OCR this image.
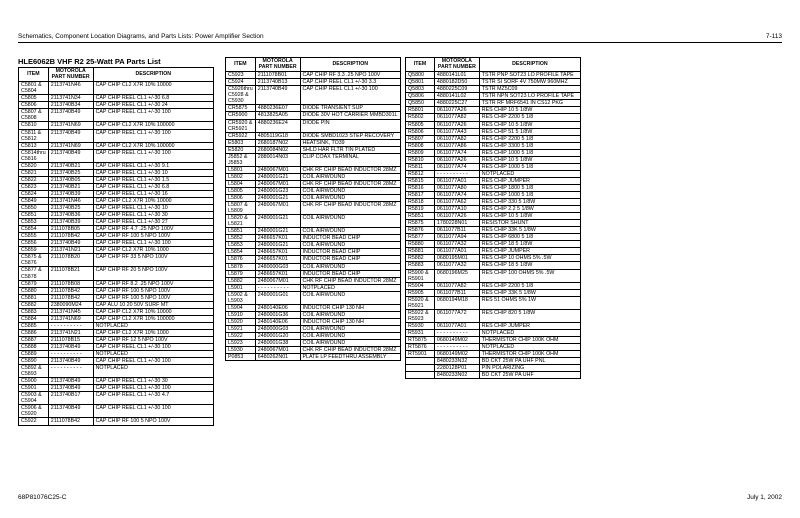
Schematics, Component Location Diagrams, and Parts Lists: Power Amplifier Section	7-113
HLE6062B VHF R2 25-Watt PA Parts List
ITEM	MOTOROLA PART NUMBER	DESCRIPTION
C5801 & C5804	2113741N46	CAP CHIP CL2 X7R 10% 10000
C5805	2113741N34	CAP CHIP REEL CL1 +/-30 6.8
C5806	2113740B34	CAP CHIP REEL CL1 +/-30 24
C5807 & C5808	2113740B49	CAP CHIP REEL CL1 +/-30 100
C5810	2113741N69	CAP CHIP CL2 X7R 10% 100000
C5811 & C5812	2113740B49	CAP CHIP REEL CL1 +/-30 100
C5813	2113741N69	CAP CHIP CL2 X7R 10% 100000
C5814thru C5816	2113740B49	CAP CHIP REEL CL1 +/-30 100
C5820	2113740B21	CAP CHIP REEL CL1 +/-30 9.1
C5821	2113740B25	CAP CHIP REEL CL1 +/-30 10
C5822	2113740B05	CAP CHIP REEL CL1 +/-30 1.5
C5823	2113740B21	CAP CHIP REEL CL1 +/-30 6.8
C5824	2113740B39	CAP CHIP REEL CL1 +/-30 16
C5849	2113741N46	CAP CHIP CL2 X7R 10% 10000
C5850	2113740B25	CAP CHIP REEL CL1 +/-30 10
C5851	2113740B36	CAP CHIP REEL CL1 +/-30 30
C5853	2113740B39	CAP CHIP REEL CL1 +/-30 27
C5854	2111078B05	CAP CHIP RF 4.7 .25 NPO 100V
C5855	2111078B42	CAP CHIP RF 100 5 NPO 100V
C5856	2113740B49	CAP CHIP REEL CL1 +/-30 100
C5859	2113741N21	CAP CHIP CL2 X7R 10% 1000
C5875 & C5876	2111078B20	CAP CHIP RF 33 5 NPO 100V
C5877 & C5878	2111078B21	CAP CHIP RF 20 5 NPO 100V
C5879	2111078B08	CAP CHIP RF 8.2 .25 NPO 100V
C5880	2111078B42	CAP CHIP RF 100 5 NPO 100V
C5881	2111078B42	CAP CHIP RF 100 5 NPO 100V
C5882	2380090M24	CAP ALU 10 20 50V SURF MT
C5883	2113741N45	CAP CHIP CL2 X7R 10% 10000
C5884	2113741N69	CAP CHIP CL2 X7R 10% 100000
C5885	- - - - - - - - - -	NOTPLACED
C5886	2113741N21	CAP CHIP CL2 X7R 10% 1000
C5887	2111078B15	CAP CHIP RF 12 5 NPO 100V
C5888	2113740B49	CAP CHIP REEL CL1 +/-30 100
C5889	- - - - - - - - - -	NOTPLACED
C5890	2113740B49	CAP CHIP REEL CL1 +/-30 100
C5892 & C5893	- - - - - - - - - -	NOTPLACED
C5900	2113740B49	CAP CHIP REEL CL1 +/-30 30
C5901	2113740B49	CAP CHIP REEL CL1 +/-30 100
C5903 & C5904	2113740B17	CAP CHIP REEL CL1 +/-30 4.7
C5906 & C5920	2113740B49	CAP CHIP REEL CL1 +/-30 100
C5922	2111078B42	CAP CHIP RF 100 5 NPO 100V
ITEM	MOTOROLA PART NUMBER	DESCRIPTION
C5923	2111078B01	CAP CHIP RF 3.3 .25 NPO 100V
C5924	2113740B13	CAP CHIP REEL CL1 +/-30 3.3
C5926thru C5928 & C5930	2113740B49	CAP CHIP REEL CL1 +/-30 100
CR5875	4880236E07	DIODE TRANSIENT SUP
CR5900	4813825A05	DIODE 30V HOT CARRIER MMBD301L
CR5920 & CR5921	4880236E24	DIODE PIN
CR5922	4805119G18	DIODE SMBD1023 STEP RECOVERY
E5803	2680187N02	HEATSINK, TO39
E5820	2680084N02	SHLD HAR FLTR TIN PLATED
J5852 & J5853	2880014N03	CLIP COAX TERMINAL
L5801	2480067M01	CHK RF CHIP BEAD INDUCTOR 28MZ
L5802	2480001G21	COIL AIRWOUND
L5804	2480067M01	CHK RF CHIP BEAD INDUCTOR 28MZ
L5805	2480001G23	COIL AIRWOUND
L5806	2480001G21	COIL AIRWOUND
L5807 & L5809	2480067M01	CHK RF CHIP BEAD INDUCTOR 28MZ
L5820 & L5821	2480001G21	COIL AIRWOUND
L5851	2480001G21	COIL AIRWOUND
L5852	2486657K01	INDUCTOR BEAD CHIP
L5853	2480001G21	COIL AIRWOUND
L5854	2486657K01	INDUCTOR BEAD CHIP
L5876	2486657K01	INDUCTOR BEAD CHIP
L5878	2480000G03	COIL AIRWOUND
L5879	2486657K01	INDUCTOR BEAD CHIP
L5882	2480067M01	CHK RF CHIP BEAD INDUCTOR 28MZ
L5901	- - - - - - - - - -	NOTPLACED
L5902 & L5903	2480001G01	COIL AIRWOUND
L5904	2480140E06	INDUCTOR CHIP 130 NH
L5910	2480001G36	COIL AIRWOUND
L5920	2480140E06	INDUCTOR CHIP 130 NH
L5921	2480000G03	COIL AIRWOUND
L5922	2480001G20	COIL AIRWOUND
L5923	2480001G38	COIL AIRWOUND
L5930	2480067M01	CHK RF CHIP BEAD INDUCTOR 28MZ
P0853	6480262N01	PLATE LP FEEDTHRU ASSEMBLY
ITEM	MOTOROLA PART NUMBER	DESCRIPTION
Q5800	4880141L01	TSTR PNP SOT23 LO PROFILE TAPE
Q5801	4880182D50	TSTR SI SORF 4V 750MW 960MHZ
Q5803	4880225C09	TSTR MZ5C09
Q5806	4880141L02	TSTR NPN SOT23 LO PROFILE TAPE
Q5850	4880225C27	TSTR RF MRF6541 IN CS12 PKG
R5801	0611077A26	RES CHIP 10 5 1/8W
R5802	0611077A82	RES CHIP 2200 5 1/8
R5805	0611077A26	RES CHIP 10 5 1/8W
R5806	0611077A43	RES CHIP 51 5 1/8W
R5807	0611077A82	RES CHIP 2200 5 1/8
R5808	0611077A86	RES CHIP 3300 5 1/8
R5809	0611077A74	RES CHIP 1000 5 1/8
R5810	0611077A26	RES CHIP 10 5 1/8W
R5811	0611077A74	RES CHIP 1000 5 1/8
R5812	- - - - - - - - - -	NOTPLACED
R5815	0611077A01	RES CHIP JUMPER
R5816	0611077A80	RES CHIP 1800 5 1/8
R5817	0611077A74	RES CHIP 1000 5 1/8
R5818	0611077A62	RES CHIP 330 5 1/8W
R5819	0611077A10	RES CHIP 2.2 5 1/8W
R5851	0611077A26	RES CHIP 10 5 1/8W
R5875	1780228N01	RESISTOR SHUNT
R5876	0611077B11	RES CHIP 33K 5 1/8W
R5877	0611077A94	RES CHIP 6800 5 1/8
R5880	0611077A32	RES CHIP 18 5 1/8W
R5881	0611077A01	RES CHIP JUMPER
R5882	0680195M01	RES CHIP 10 OHMS 5% .5W
R5883	0611077A32	RES CHIP 18 5 1/8W
R5900 & R5901	0680196M25	RES CHIP 100 OHMS 5% .5W
R5904	0611077A82	RES CHIP 2200 5 1/8
R5905	0611077B11	RES CHIP 33K 5 1/8W
R5920 & R5921	0680194M18	RES 51 OHMS 5% 1W
R5922 & R5923	0611077A72	RES CHIP 820 5 1/8W
R5930	0611077A01	RES CHIP JUMPER
R5931	- - - - - - - - - -	NOTPLACED
RT5875	0680149M02	THERMISTOR CHIP 100K OHM
RT5876	- - - - - - - - - -	NOTPLACED
RT5901	0680149M02	THERMISTOR CHIP 100K OHM
	8480233N32	BD CKT 25W PA UHF PNL
	2280128P01	PIN POLARIZING
	8480233N02	BD CKT 25W PA UHF
68P81076C25-C	July 1, 2002
